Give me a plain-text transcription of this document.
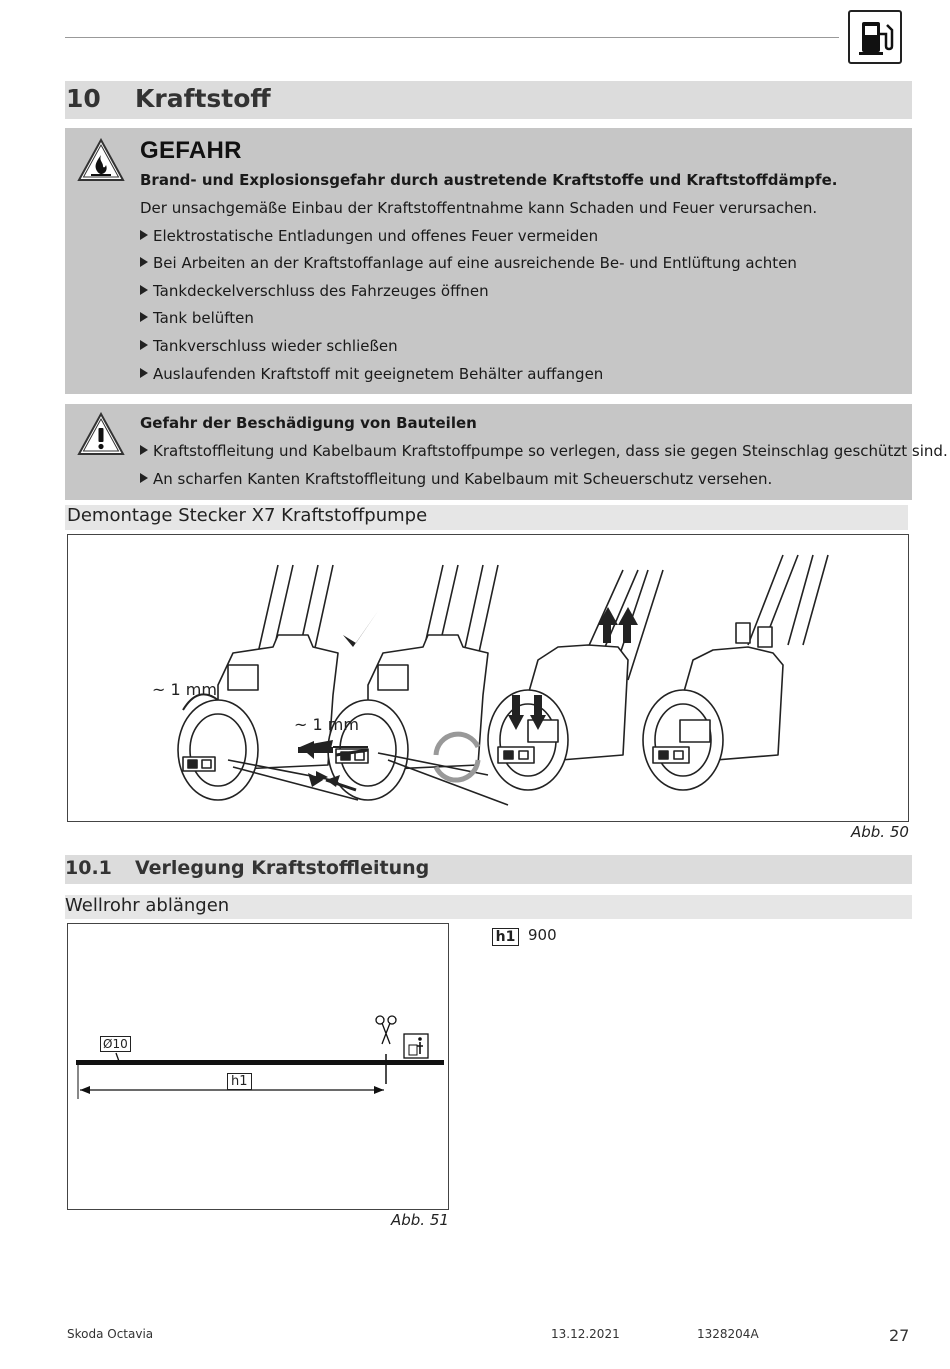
10 Kraftstoff
GEFAHR
Brand- und Explosionsgefahr durch austretende Kraftstoffe und Kraftstoffdämpfe.
Der unsachgemäße Einbau der Kraftstoffentnahme kann Schaden und Feuer verursachen.
Elektrostatische Entladungen und offenes Feuer vermeiden
Bei Arbeiten an der Kraftstoffanlage auf eine ausreichende Be- und Entlüftung achten
Tankdeckelverschluss des Fahrzeuges öffnen
Tank belüften
Tankverschluss wieder schließen
Auslaufenden Kraftstoff mit geeignetem Behälter auffangen
Gefahr der Beschädigung von Bauteilen
Kraftstoffleitung und Kabelbaum Kraftstoffpumpe so verlegen, dass sie gegen Steinschlag geschützt sind.
An scharfen Kanten Kraftstoffleitung und Kabelbaum mit Scheuerschutz versehen.
Demontage Stecker X7 Kraftstoffpumpe
~ 1 mm
~ 1 mm
Abb. 50
10.1 Verlegung Kraftstoffleitung
Wellrohr ablängen
Ø10
h1
Abb. 51
h1 900
Skoda Octavia	13.12.2021	1328204A	27
